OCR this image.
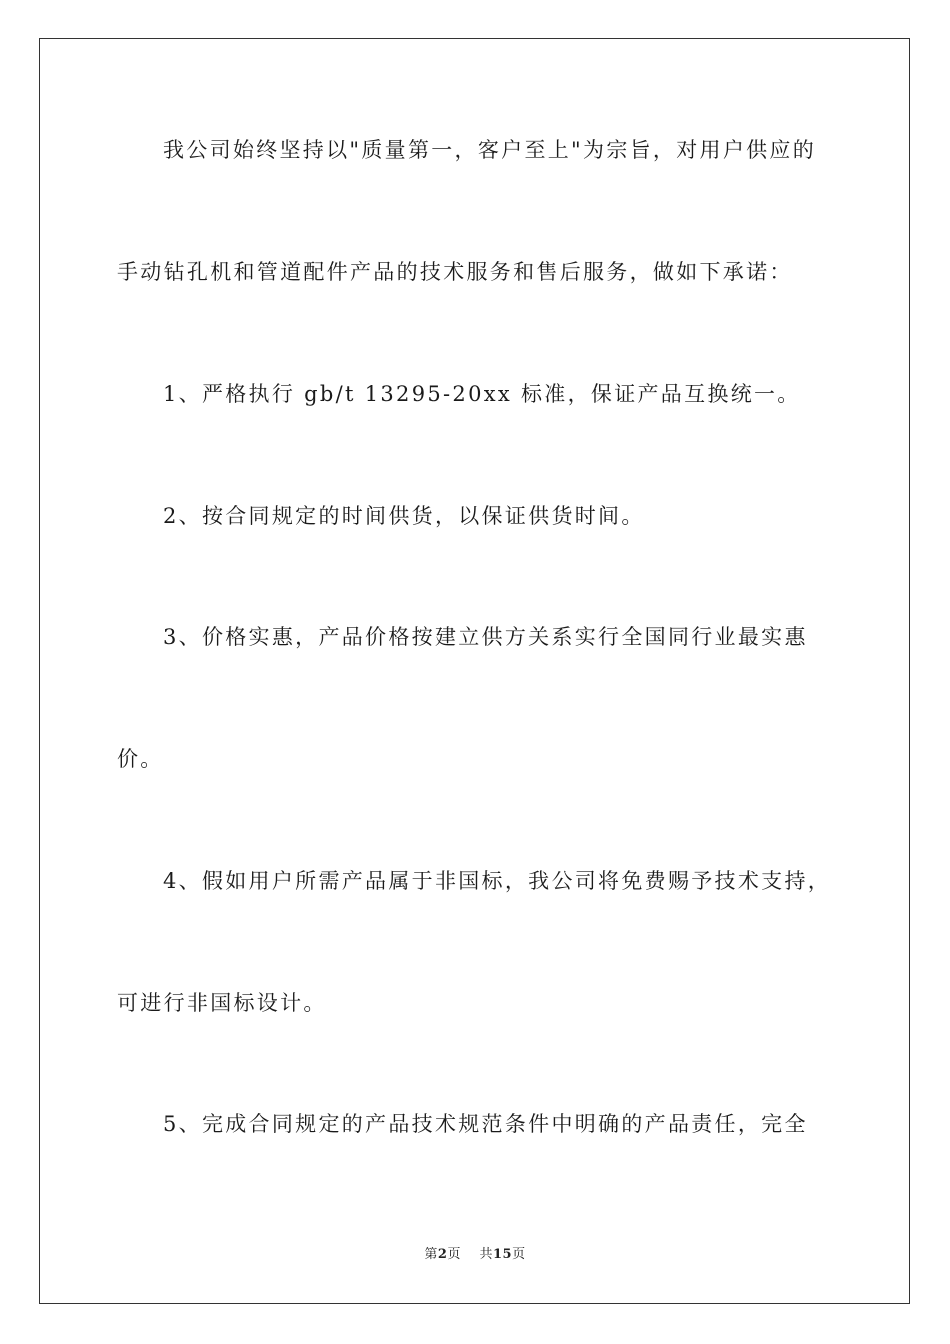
我公司始终坚持以"质量第一，客户至上"为宗旨，对用户供应的
手动钻孔机和管道配件产品的技术服务和售后服务，做如下承诺：
1、严格执行 gb/t 13295-20xx 标准，保证产品互换统一。
2、按合同规定的时间供货，以保证供货时间。
3、价格实惠，产品价格按建立供方关系实行全国同行业最实惠
价。
4、假如用户所需产品属于非国标，我公司将免费赐予技术支持，
可进行非国标设计。
5、完成合同规定的产品技术规范条件中明确的产品责任，完全
第2页 共15页
